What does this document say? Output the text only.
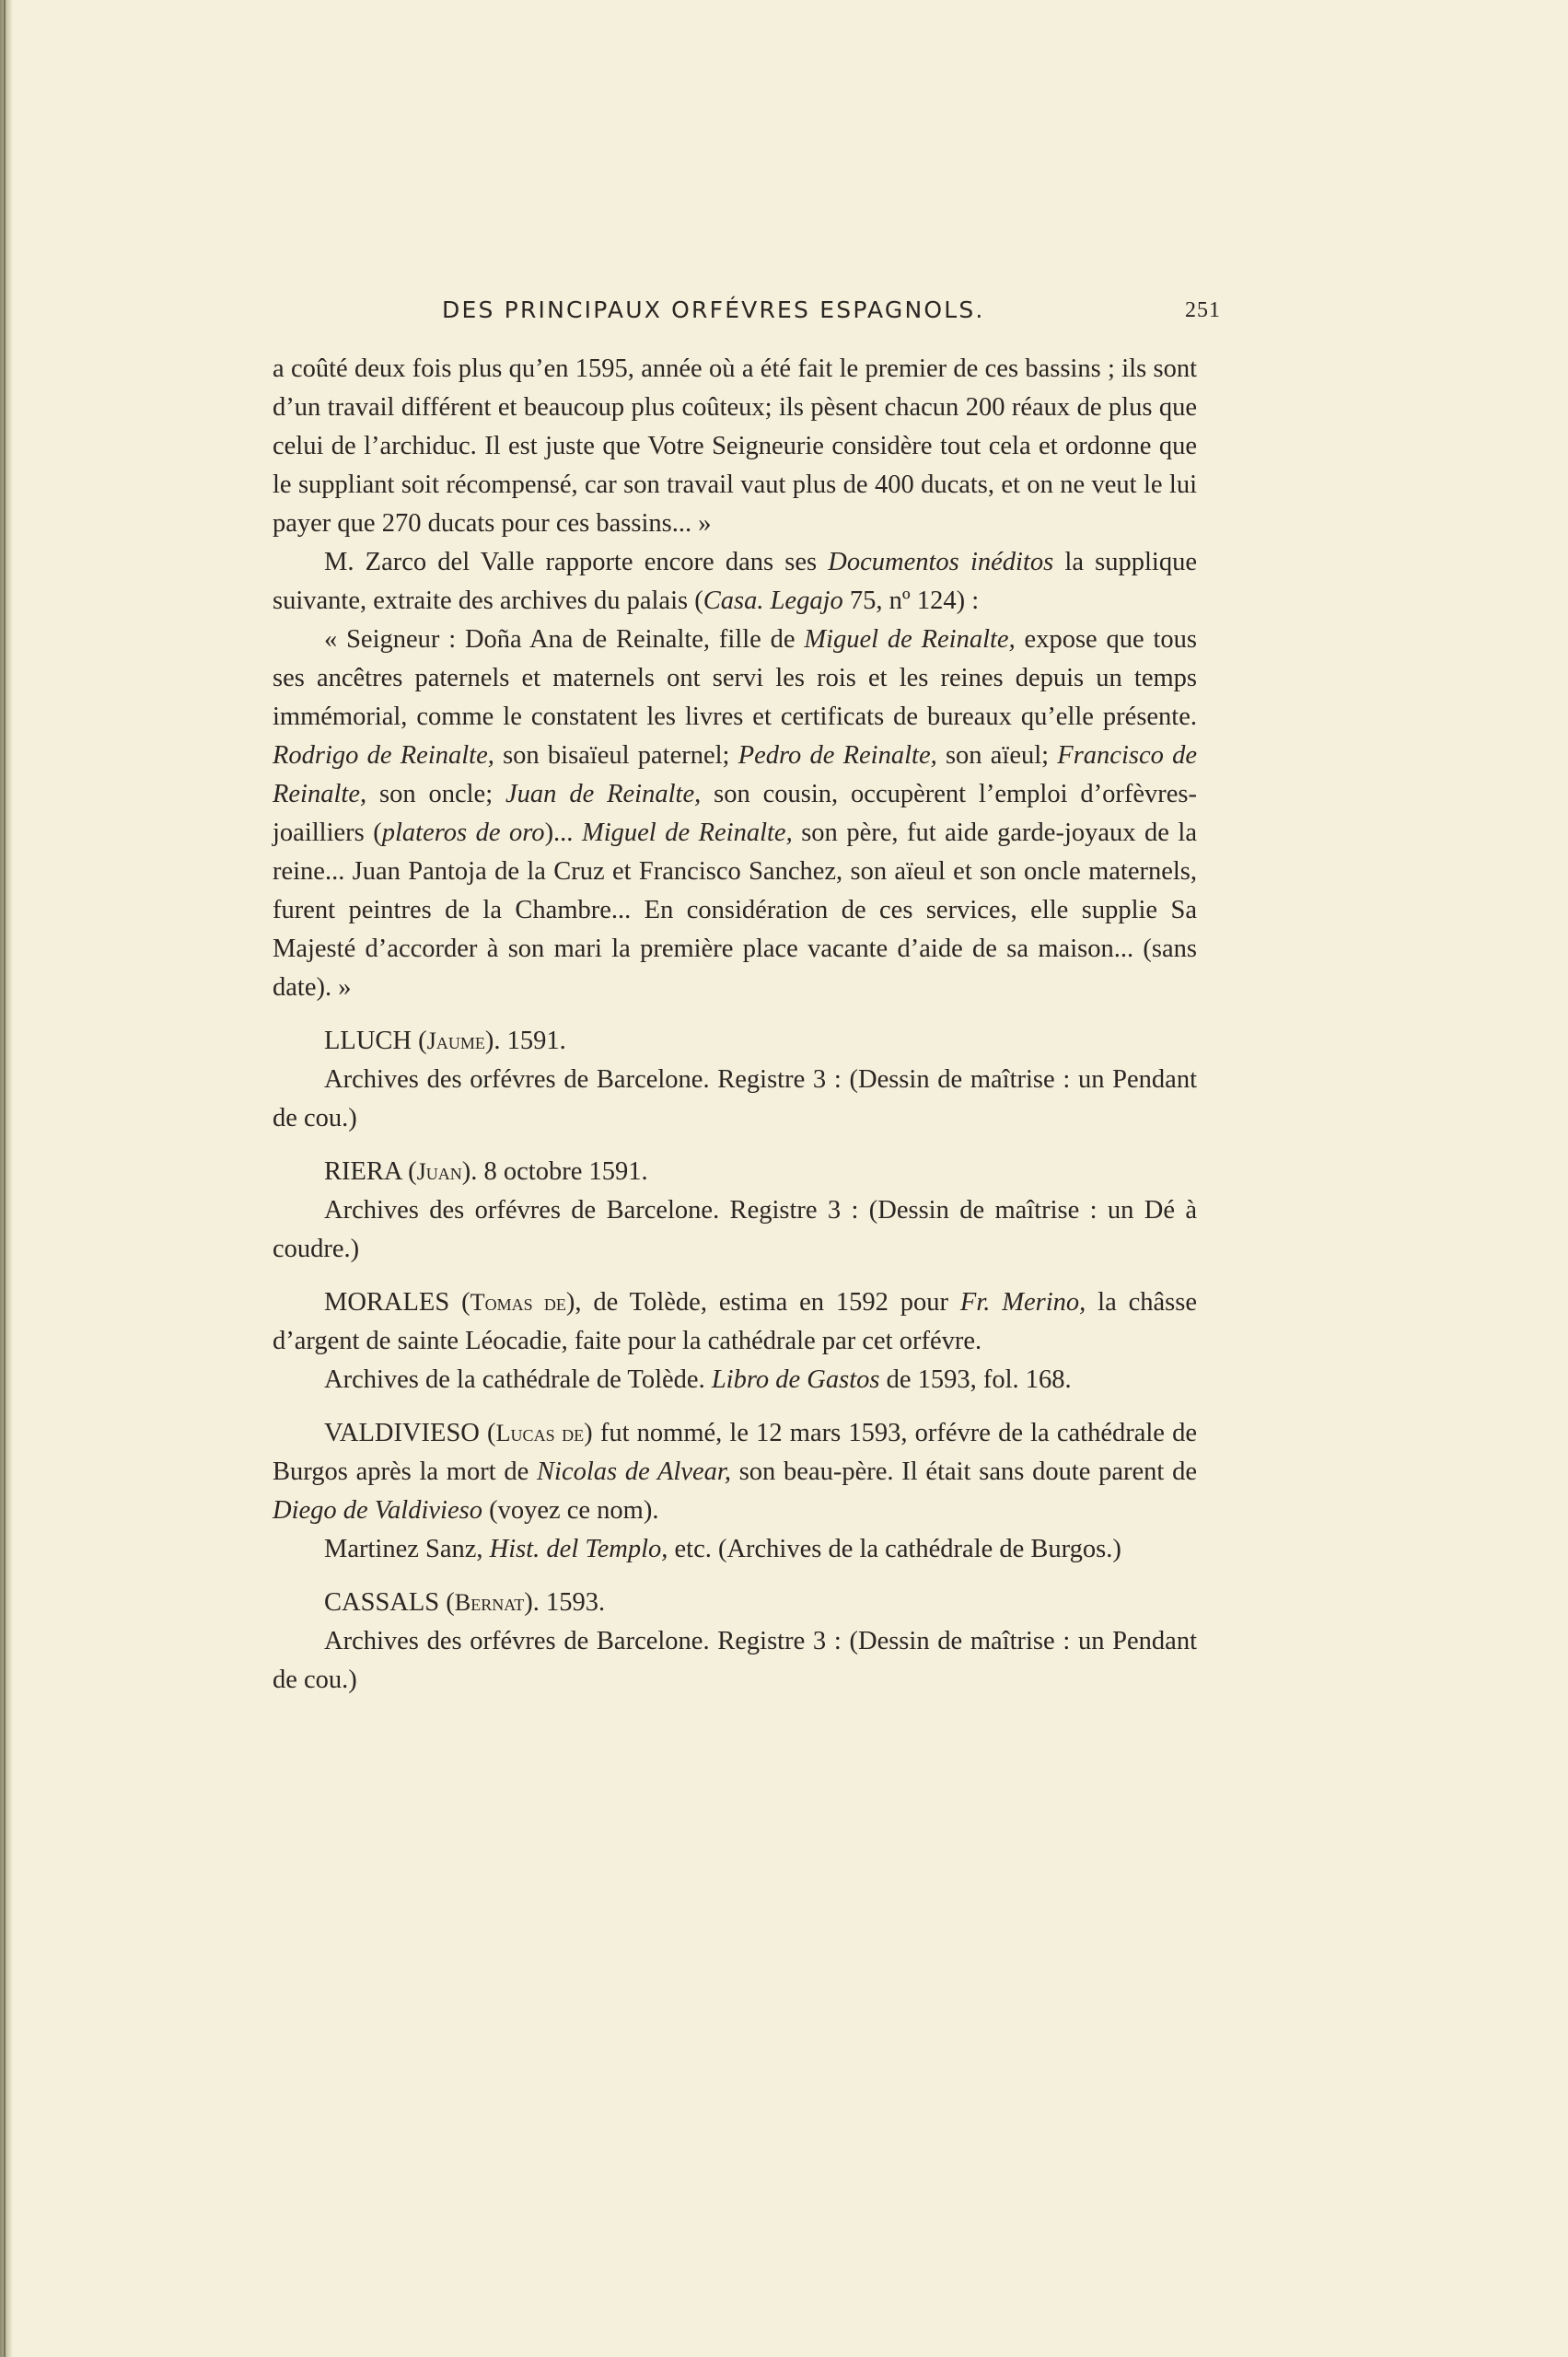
DES PRINCIPAUX ORFÉVRES ESPAGNOLS.	251

a coûté deux fois plus qu’en 1595, année où a été fait le premier de ces bassins ; ils sont d’un travail différent et beaucoup plus coûteux; ils pèsent chacun 200 réaux de plus que celui de l’archiduc. Il est juste que Votre Seigneurie considère tout cela et ordonne que le suppliant soit récompensé, car son travail vaut plus de 400 ducats, et on ne veut le lui payer que 270 ducats pour ces bassins... »

M. Zarco del Valle rapporte encore dans ses Documentos inéditos la supplique suivante, extraite des archives du palais (Casa. Legajo 75, nº 124) :

« Seigneur : Doña Ana de Reinalte, fille de Miguel de Reinalte, expose que tous ses ancêtres paternels et maternels ont servi les rois et les reines depuis un temps immémorial, comme le constatent les livres et certificats de bureaux qu’elle présente. Rodrigo de Reinalte, son bisaïeul paternel; Pedro de Reinalte, son aïeul; Francisco de Reinalte, son oncle; Juan de Reinalte, son cousin, occupèrent l’emploi d’orfèvres-joailliers (plateros de oro)... Miguel de Reinalte, son père, fut aide garde-joyaux de la reine... Juan Pantoja de la Cruz et Francisco Sanchez, son aïeul et son oncle maternels, furent peintres de la Chambre... En considération de ces services, elle supplie Sa Majesté d’accorder à son mari la première place vacante d’aide de sa maison... (sans date). »

LLUCH (Jaume). 1591.

Archives des orfévres de Barcelone. Registre 3 : (Dessin de maîtrise : un Pendant de cou.)

RIERA (Juan). 8 octobre 1591.

Archives des orfévres de Barcelone. Registre 3 : (Dessin de maîtrise : un Dé à coudre.)

MORALES (Tomas de), de Tolède, estima en 1592 pour Fr. Merino, la châsse d’argent de sainte Léocadie, faite pour la cathédrale par cet orfévre.

Archives de la cathédrale de Tolède. Libro de Gastos de 1593, fol. 168.

VALDIVIESO (Lucas de) fut nommé, le 12 mars 1593, orfévre de la cathédrale de Burgos après la mort de Nicolas de Alvear, son beau-père. Il était sans doute parent de Diego de Valdivieso (voyez ce nom).

Martinez Sanz, Hist. del Templo, etc. (Archives de la cathédrale de Burgos.)

CASSALS (Bernat). 1593.

Archives des orfévres de Barcelone. Registre 3 : (Dessin de maîtrise : un Pendant de cou.)
